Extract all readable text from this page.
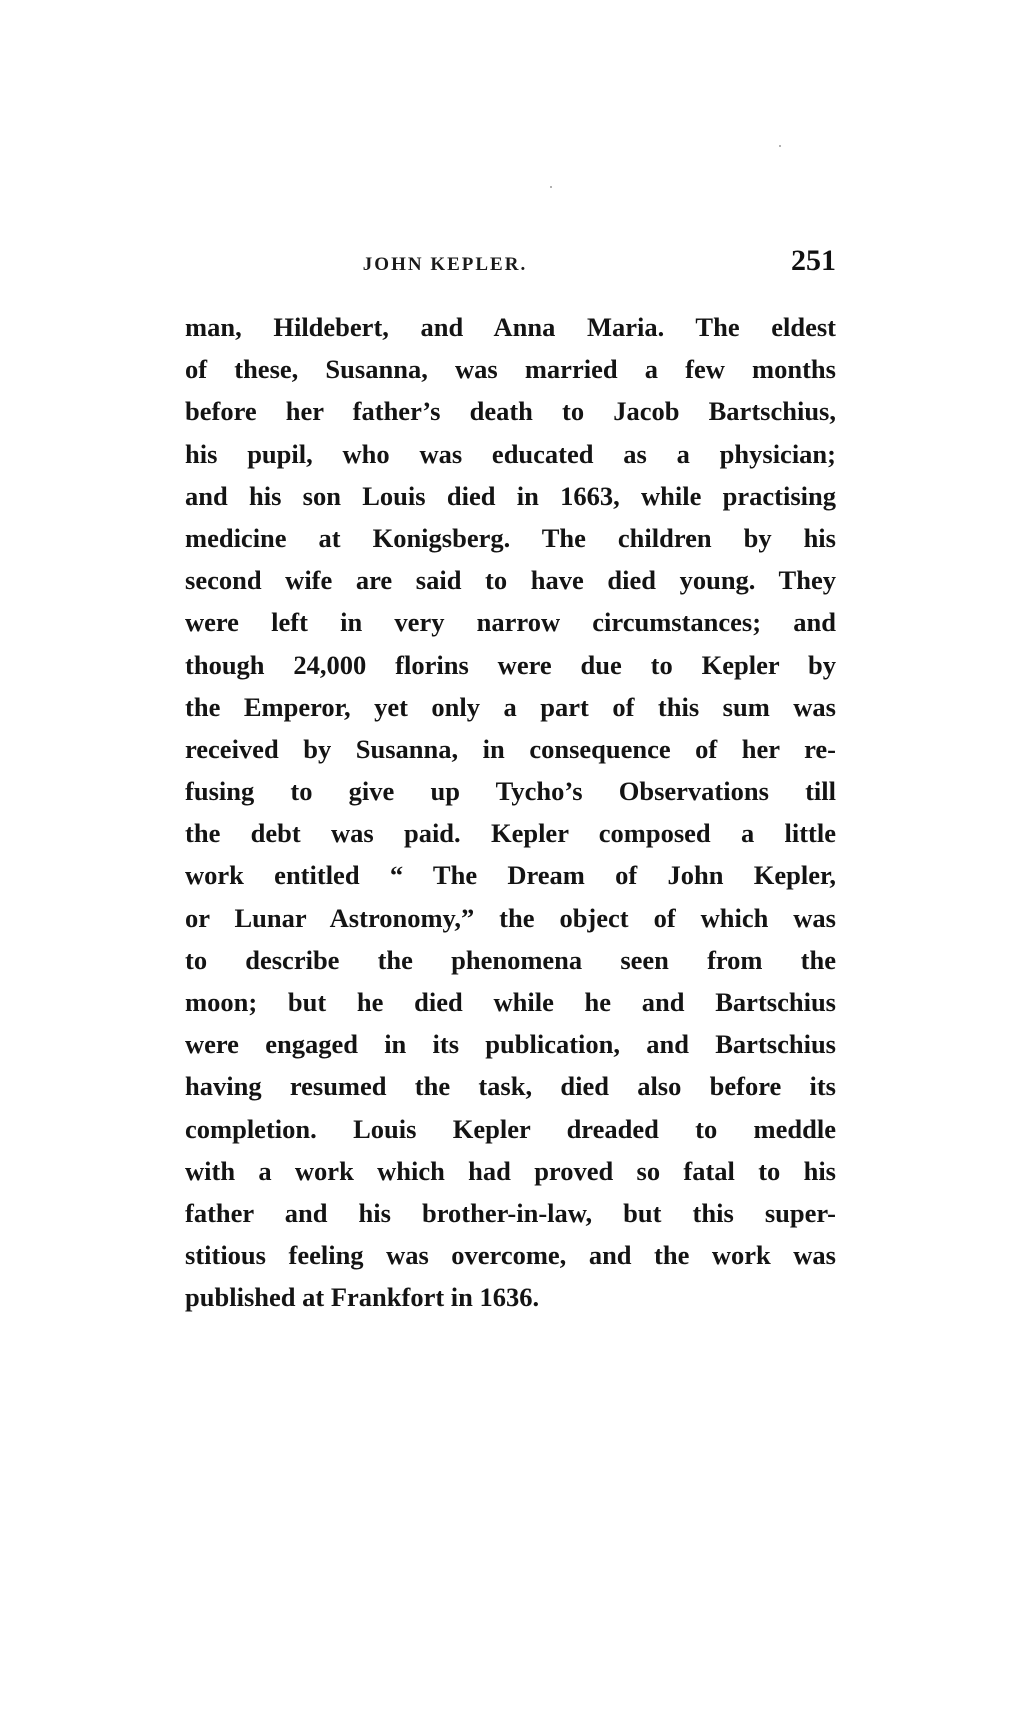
JOHN KEPLER.	251
man, Hildebert, and Anna Maria. The eldest
of these, Susanna, was married a few months
before her father’s death to Jacob Bartschius,
his pupil, who was educated as a physician;
and his son Louis died in 1663, while practising
medicine at Konigsberg. The children by his
second wife are said to have died young. They
were left in very narrow circumstances; and
though 24,000 florins were due to Kepler by
the Emperor, yet only a part of this sum was
received by Susanna, in consequence of her re-
fusing to give up Tycho’s Observations till
the debt was paid. Kepler composed a little
work entitled “ The Dream of John Kepler,
or Lunar Astronomy,” the object of which was
to describe the phenomena seen from the
moon; but he died while he and Bartschius
were engaged in its publication, and Bartschius
having resumed the task, died also before its
completion. Louis Kepler dreaded to meddle
with a work which had proved so fatal to his
father and his brother-in-law, but this super-
stitious feeling was overcome, and the work was
published at Frankfort in 1636.
